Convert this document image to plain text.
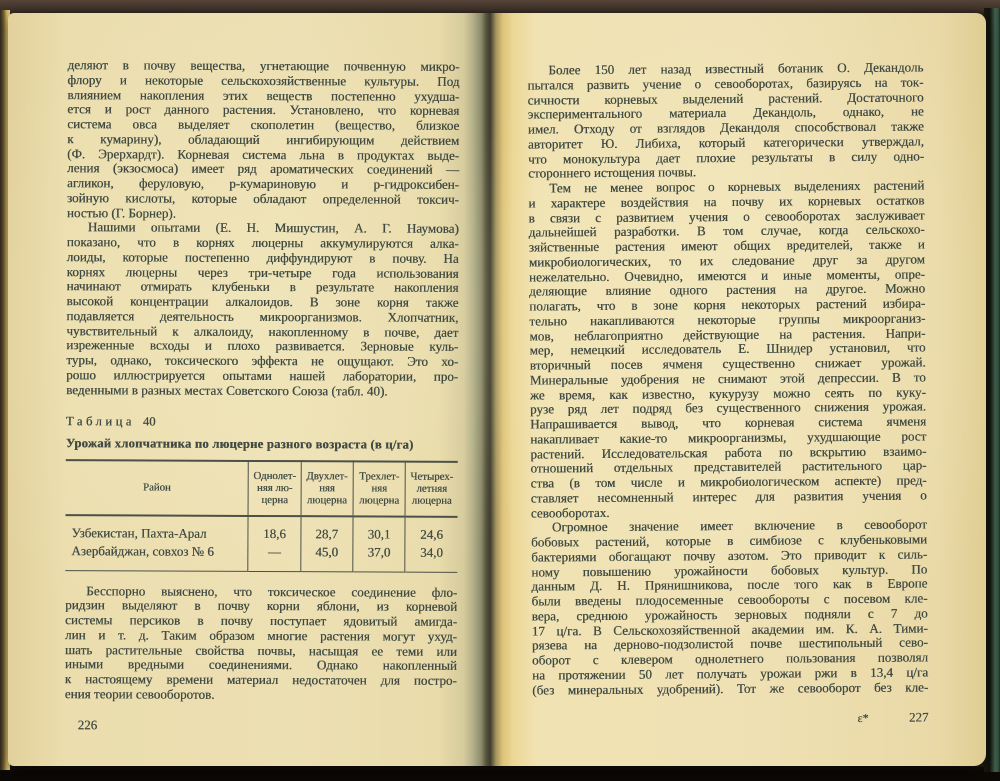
деляют в почву вещества, угнетающие почвенную микро-
флору и некоторые сельскохозяйственные культуры. Под
влиянием накопления этих веществ постепенно ухудша-
ется и рост данного растения. Установлено, что корневая
система овса выделяет скополетин (вещество, близкое
к кумарину), обладающий ингибирующим действием
(Ф. Эрерхардт). Корневая система льна в продуктах выде-
ления (экзосмоса) имеет ряд ароматических соединений —
агликон, феруловую, р-кумариновую и р-гидроксибен-
зойную кислоты, которые обладают определенной токсич-
ностью (Г. Борнер).
Нашими опытами (Е. Н. Мишустин, А. Г. Наумова)
показано, что в корнях люцерны аккумулируются алка-
лоиды, которые постепенно диффундируют в почву. На
корнях люцерны через три-четыре года использования
начинают отмирать клубеньки в результате накопления
высокой концентрации алкалоидов. В зоне корня также
подавляется деятельность микроорганизмов. Хлопчатник,
чувствительный к алкалоиду, накопленному в почве, дает
изреженные всходы и плохо развивается. Зерновые куль-
туры, однако, токсического эффекта не ощущают. Это хо-
рошо иллюстрируется опытами нашей лаборатории, про-
веденными в разных местах Советского Союза (табл. 40).
Таблица 40
Урожай хлопчатника по люцерне разного возраста (в ц/га)
Район	Однолет-
няя лю-
церна	Двухлет-
няя
люцерна	Трехлет-
няя
люцерна	Четырех-
летняя
люцерна
Узбекистан, Пахта-Арал	18,6	28,7	30,1	24,6
Азербайджан, совхоз № 6	—	45,0	37,0	34,0
Бесспорно выяснено, что токсическое соединение фло-
ридзин выделяют в почву корни яблони, из корневой
системы персиков в почву поступает ядовитый амигда-
лин и т. д. Таким образом многие растения могут ухуд-
шать растительные свойства почвы, насыщая ее теми или
иными вредными соединениями. Однако накопленный
к настоящему времени материал недостаточен для постро-
ения теории севооборотов.
226
Более 150 лет назад известный ботаник О. Декандоль
пытался развить учение о севооборотах, базируясь на ток-
сичности корневых выделений растений. Достаточного
экспериментального материала Декандоль, однако, не
имел. Отходу от взглядов Декандоля способствовал также
авторитет Ю. Либиха, который категорически утверждал,
что монокультура дает плохие результаты в силу одно-
стороннего истощения почвы.
Тем не менее вопрос о корневых выделениях растений
и характере воздействия на почву их корневых остатков
в связи с развитием учения о севооборотах заслуживает
дальнейшей разработки. В том случае, когда сельскохо-
зяйственные растения имеют общих вредителей, также и
микробиологических, то их следование друг за другом
нежелательно. Очевидно, имеются и иные моменты, опре-
деляющие влияние одного растения на другое. Можно
полагать, что в зоне корня некоторых растений избира-
тельно накапливаются некоторые группы микроорганиз-
мов, неблагоприятно действующие на растения. Напри-
мер, немецкий исследователь Е. Шнидер установил, что
вторичный посев ячменя существенно снижает урожай.
Минеральные удобрения не снимают этой депрессии. В то
же время, как известно, кукурузу можно сеять по куку-
рузе ряд лет подряд без существенного снижения урожая.
Напрашивается вывод, что корневая система ячменя
накапливает какие-то микроорганизмы, ухудшающие рост
растений. Исследовательская работа по вскрытию взаимо-
отношений отдельных представителей растительного цар-
ства (в том числе и микробиологическом аспекте) пред-
ставляет несомненный интерес для развития учения о
севооборотах.
Огромное значение имеет включение в севооборот
бобовых растений, которые в симбиозе с клубеньковыми
бактериями обогащают почву азотом. Это приводит к силь-
ному повышению урожайности бобовых культур. По
данным Д. Н. Прянишникова, после того как в Европе
были введены плодосеменные севообороты с посевом кле-
вера, среднюю урожайность зерновых подняли с 7 до
17 ц/га. В Сельскохозяйственной академии им. К. А. Тими-
рязева на дерново-подзолистой почве шестипольный сево-
оборот с клевером однолетнего пользования позволял
на протяжении 50 лет получать урожаи ржи в 13,4 ц/га
(без минеральных удобрений). Тот же севооборот без кле-
ε*	227
